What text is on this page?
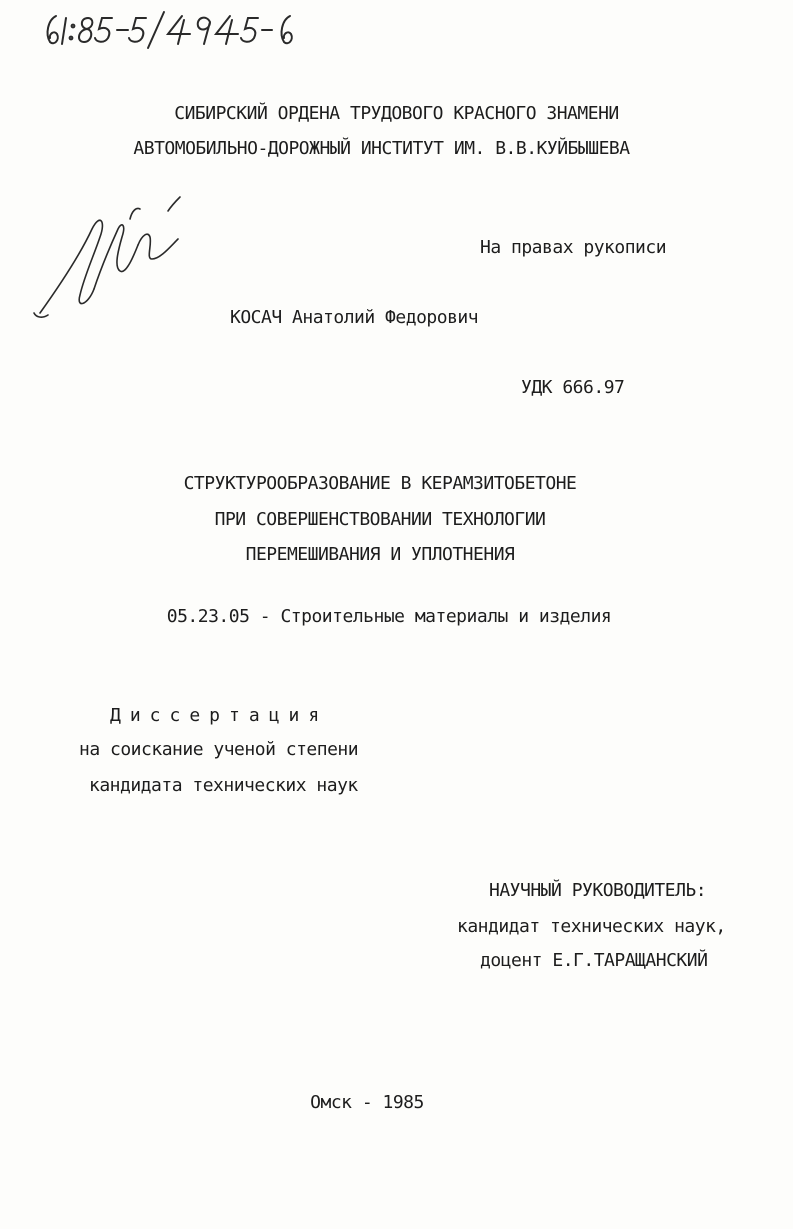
СИБИРСКИЙ ОРДЕНА ТРУДОВОГО КРАСНОГО ЗНАМЕНИ
АВТОМОБИЛЬНО-ДОРОЖНЫЙ ИНСТИТУТ ИМ. В.В.КУЙБЫШЕВА
На правах рукописи
КОСАЧ Анатолий Федорович
УДК 666.97
СТРУКТУРООБРАЗОВАНИЕ В КЕРАМЗИТОБЕТОНЕ
ПРИ СОВЕРШЕНСТВОВАНИИ ТЕХНОЛОГИИ
ПЕРЕМЕШИВАНИЯ И УПЛОТНЕНИЯ
05.23.05 - Строительные материалы и изделия
Диссертация
на соискание ученой степени
кандидата технических наук
НАУЧНЫЙ РУКОВОДИТЕЛЬ:
кандидат технических наук,
доцент Е.Г.ТАРАЩАНСКИЙ
Омск - 1985
